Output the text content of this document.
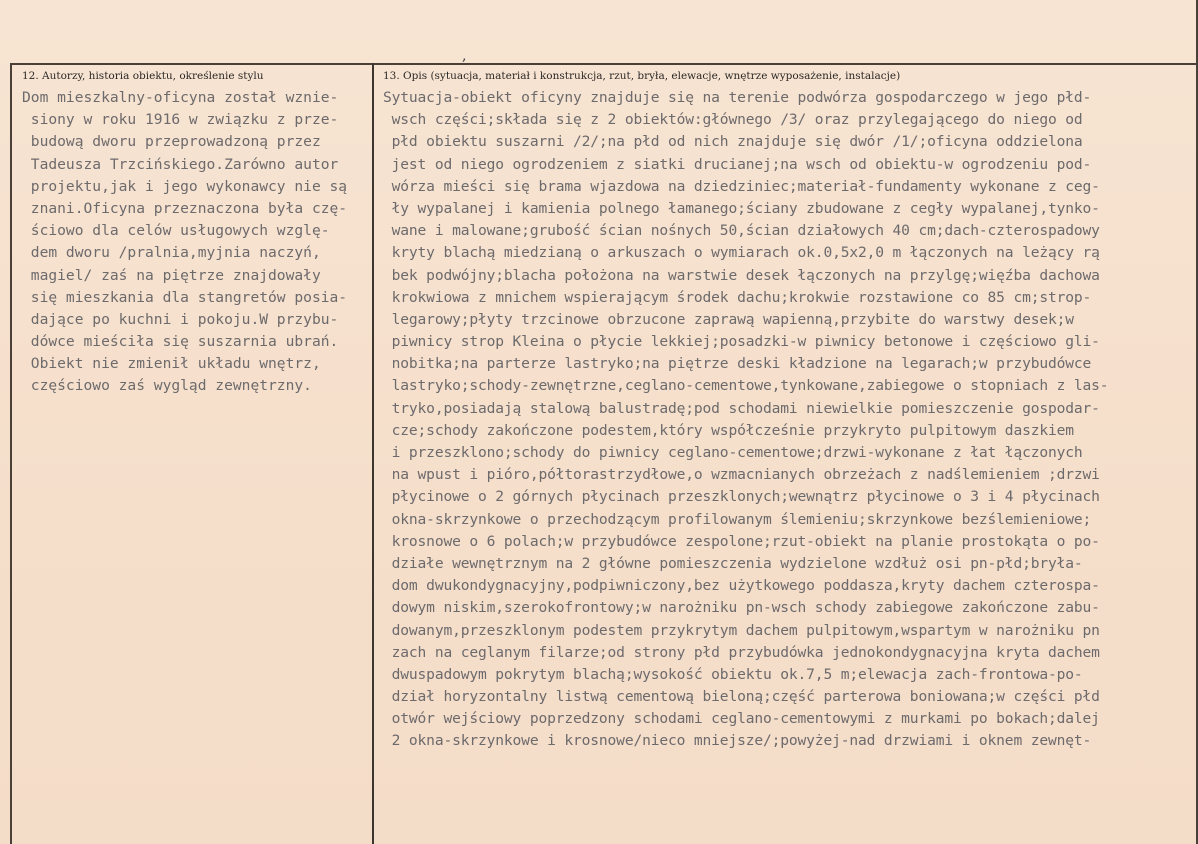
,
12. Autorzy, historia obiektu, określenie stylu	13. Opis (sytuacja, materiał i konstrukcja, rzut, bryła, elewacje, wnętrze wyposażenie, instalacje)
Dom mieszkalny-oficyna został wznie-
siony w roku 1916 w związku z prze-
budową dworu przeprowadzoną przez
Tadeusza Trzcińskiego.Zarówno autor
projektu,jak i jego wykonawcy nie są
znani.Oficyna przeznaczona była czę-
ściowo dla celów usługowych wzglę-
dem dworu /pralnia,myjnia naczyń,
magiel/ zaś na piętrze znajdowały
się mieszkania dla stangretów posia-
dające po kuchni i pokoju.W przybu-
dówce mieściła się suszarnia ubrań.
Obiekt nie zmienił układu wnętrz,
częściowo zaś wygląd zewnętrzny.
Sytuacja-obiekt oficyny znajduje się na terenie podwórza gospodarczego w jego płd-
wsch części;składa się z 2 obiektów:głównego /3/ oraz przylegającego do niego od
płd obiektu suszarni /2/;na płd od nich znajduje się dwór /1/;oficyna oddzielona
jest od niego ogrodzeniem z siatki drucianej;na wsch od obiektu-w ogrodzeniu pod-
wórza mieści się brama wjazdowa na dziedziniec;materiał-fundamenty wykonane z ceg-
ły wypalanej i kamienia polnego łamanego;ściany zbudowane z cegły wypalanej,tynko-
wane i malowane;grubość ścian nośnych 50,ścian działowych 40 cm;dach-czterospadowy
kryty blachą miedzianą o arkuszach o wymiarach ok.0,5x2,0 m łączonych na leżący rą
bek podwójny;blacha położona na warstwie desek łączonych na przylgę;więźba dachowa
krokwiowa z mnichem wspierającym środek dachu;krokwie rozstawione co 85 cm;strop-
legarowy;płyty trzcinowe obrzucone zaprawą wapienną,przybite do warstwy desek;w
piwnicy strop Kleina o płycie lekkiej;posadzki-w piwnicy betonowe i częściowo gli-
nobitka;na parterze lastryko;na piętrze deski kładzione na legarach;w przybudówce
lastryko;schody-zewnętrzne,ceglano-cementowe,tynkowane,zabiegowe o stopniach z las-
tryko,posiadają stalową balustradę;pod schodami niewielkie pomieszczenie gospodar-
cze;schody zakończone podestem,który współcześnie przykryto pulpitowym daszkiem
i przeszklono;schody do piwnicy ceglano-cementowe;drzwi-wykonane z łat łączonych
na wpust i pióro,półtorastrzydłowe,o wzmacnianych obrzeżach z nadślemieniem ;drzwi
płycinowe o 2 górnych płycinach przeszklonych;wewnątrz płycinowe o 3 i 4 płycinach
okna-skrzynkowe o przechodzącym profilowanym ślemieniu;skrzynkowe bezślemieniowe;
krosnowe o 6 polach;w przybudówce zespolone;rzut-obiekt na planie prostokąta o po-
działe wewnętrznym na 2 główne pomieszczenia wydzielone wzdłuż osi pn-płd;bryła-
dom dwukondygnacyjny,podpiwniczony,bez użytkowego poddasza,kryty dachem czterospa-
dowym niskim,szerokofrontowy;w narożniku pn-wsch schody zabiegowe zakończone zabu-
dowanym,przeszklonym podestem przykrytym dachem pulpitowym,wspartym w narożniku pn
zach na ceglanym filarze;od strony płd przybudówka jednokondygnacyjna kryta dachem
dwuspadowym pokrytym blachą;wysokość obiektu ok.7,5 m;elewacja zach-frontowa-po-
dział horyzontalny listwą cementową bieloną;część parterowa boniowana;w części płd
otwór wejściowy poprzedzony schodami ceglano-cementowymi z murkami po bokach;dalej
2 okna-skrzynkowe i krosnowe/nieco mniejsze/;powyżej-nad drzwiami i oknem zewnęt-
